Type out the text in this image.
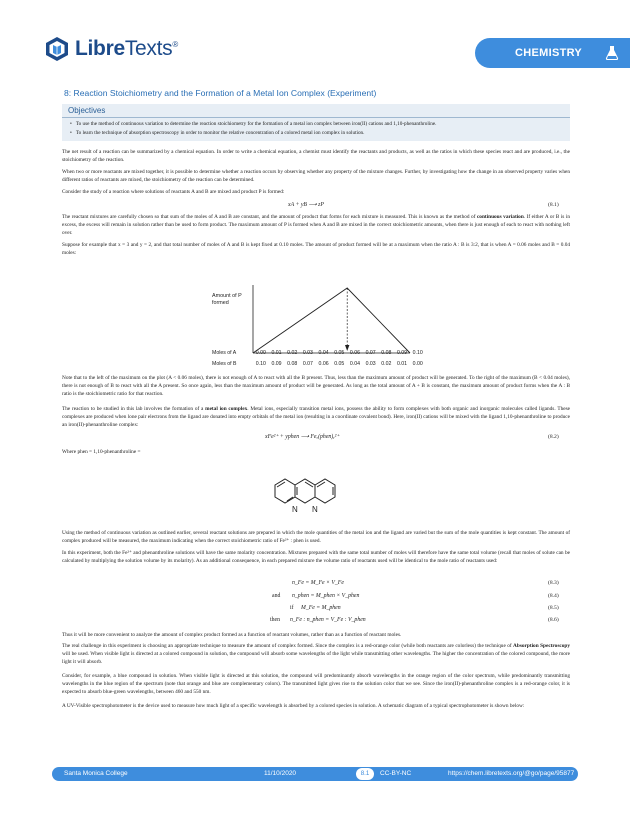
LibreTexts®
CHEMISTRY
8: Reaction Stoichiometry and the Formation of a Metal Ion Complex (Experiment)
Objectives
• To use the method of continuous variation to determine the reaction stoichiometry for the formation of a metal ion complex between iron(II) cations and 1,10-phenanthroline.
• To learn the technique of absorption spectroscopy in order to monitor the relative concentration of a colored metal ion complex in solution.

The net result of a reaction can be summarized by a chemical equation. In order to write a chemical equation, a chemist must identify the reactants and products, as well as the ratios in which these species react and are produced, i.e., the stoichiometry of the reaction.

When two or more reactants are mixed together, it is possible to determine whether a reaction occurs by observing whether any property of the mixture changes. Further, by investigating how the change in an observed property varies when different ratios of reactants are mixed, the stoichiometry of the reaction can be determined.

Consider the study of a reaction where solutions of reactants A and B are mixed and product P is formed:

xA + yB ⟶ zP	(8.1)

The reactant mixtures are carefully chosen so that sum of the moles of A and B are constant, and the amount of product that forms for each mixture is measured. This is known as the method of continuous variation. If either A or B is in excess, the excess will remain in solution rather than be used to form product. The maximum amount of P is formed when A and B are mixed in the correct stoichiometric amounts, when there is just enough of each to react with nothing left over.

Suppose for example that x = 3 and y = 2, and that total number of moles of A and B is kept fixed at 0.10 moles. The amount of product formed will be at a maximum when the ratio A : B is 3:2, that is when A = 0.06 moles and B = 0.04 moles:

Amount of P formed
Moles of A	0.00 0.01 0.02 0.03 0.04 0.05 0.06 0.07 0.08 0.09 0.10
Moles of B	0.10 0.09 0.08 0.07 0.06 0.05 0.04 0.03 0.02 0.01 0.00

Note that to the left of the maximum on the plot (A < 0.06 moles), there is not enough of A to react with all the B present. Thus, less than the maximum amount of product will be generated. To the right of the maximum (B < 0.04 moles), there is not enough of B to react with all the A present. So once again, less than the maximum amount of product will be generated. As long as the total amount of A + B is constant, the maximum amount of product forms when the A : B ratio is the stoichiometric ratio for that reaction.

The reaction to be studied in this lab involves the formation of a metal ion complex. Metal ions, especially transition metal ions, possess the ability to form complexes with both organic and inorganic molecules called ligands. These complexes are produced when lone pair electrons from the ligand are donated into empty orbitals of the metal ion (resulting in a coordinate covalent bond). Here, iron(II) cations will be mixed with the ligand 1,10-phenanthroline to produce an iron(II)-phenanthroline complex:

xFe²⁺ + yphen ⟶ Feₓ(phen)ᵧ²⁺	(8.2)

Where phen = 1,10-phenanthroline =

N N

Using the method of continuous variation as outlined earlier, several reactant solutions are prepared in which the mole quantities of the metal ion and the ligand are varied but the sum of the mole quantities is kept constant. The amount of complex produced will be measured, the maximum indicating when the correct stoichiometric ratio of Fe²⁺ : phen is used.

In this experiment, both the Fe²⁺ and phenanthroline solutions will have the same molarity concentration. Mixtures prepared with the same total number of moles will therefore have the same total volume (recall that moles of solute can be calculated by multiplying the solution volume by its molarity). As an additional consequence, in each prepared mixture the volume ratio of reactants used will be identical to the mole ratio of reactants used:

n_Fe = M_Fe × V_Fe	(8.3)
and n_phen = M_phen × V_phen	(8.4)
if M_Fe = M_phen	(8.5)
then n_Fe : n_phen = V_Fe : V_phen	(8.6)

Thus it will be more convenient to analyze the amount of complex product formed as a function of reactant volumes, rather than as a function of reactant moles.

The real challenge in this experiment is choosing an appropriate technique to measure the amount of complex formed. Since the complex is a red-orange color (while both reactants are colorless) the technique of Absorption Spectroscopy will be used. When visible light is directed at a colored compound in solution, the compound will absorb some wavelengths of the light while transmitting other wavelengths. The higher the concentration of the colored compound, the more light it will absorb.

Consider, for example, a blue compound in solution. When visible light is directed at this solution, the compound will predominantly absorb wavelengths in the orange region of the color spectrum, while predominantly transmitting wavelengths in the blue region of the spectrum (note that orange and blue are complementary colors). The transmitted light gives rise to the solution color that we see. Since the iron(II)-phenanthroline complex is a red-orange color, it is expected to absorb blue-green wavelengths, between 460 and 550 nm.

A UV-Visible spectrophotometer is the device used to measure how much light of a specific wavelength is absorbed by a colored species in solution. A schematic diagram of a typical spectrophotometer is shown below:

Santa Monica College	11/10/2020	8.1	CC-BY-NC	https://chem.libretexts.org/@go/page/95877
